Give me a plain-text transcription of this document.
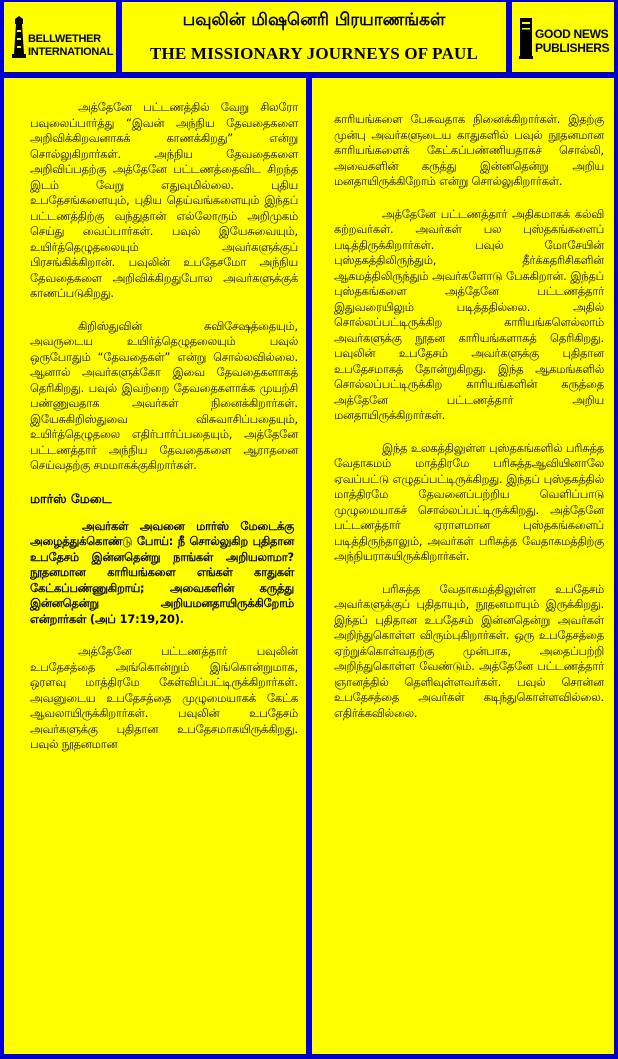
BELLWETHER
INTERNATIONAL
பவுலின் மிஷனெரி பிரயாணங்கள்
THE MISSIONARY JOURNEYS OF PAUL
GOOD NEWS
PUBLISHERS

அத்தேனே பட்டணத்தில் வேறு சிலரோ பவுலைப்பார்த்து “இவன் அந்நிய தேவதைகளை அறிவிக்கிறவனாகக் காணக்கிறது” என்று சொல்லுகிறார்கள். அந்நிய தேவதைகளை அறிவிப்பதற்கு அத்தேனே பட்டணத்தைவிட சிறந்த இடம் வேறு எதுவுமில்லை. புதிய உபதேசங்களையும், புதிய தெய்வங்களையும் இந்தப் பட்டணத்திற்கு வந்துதான் எல்லோரும் அறிமுகம் செய்து வைப்பார்கள். பவுல் இயேசுவையும், உயிர்த்தெழுதலையும் அவர்களுக்குப் பிரசங்கிக்கிறான். பவுலின் உபதேசமோ அந்நிய தேவதைகளை அறிவிக்கிறதுபோல அவர்களுக்குக் காணப்படுகிறது.

கிறிஸ்துவின் சுவிசேஷத்தையும், அவருடைய உயிர்த்தெழுதலையும் பவுல் ஒருபோதும் “தேவதைகள்” என்று சொல்லவில்லை. ஆனால் அவர்களுக்கோ இவை தேவதைகளாகத் தெரிகிறது. பவுல் இவற்றை தேவதைகளாக்க முயற்சி பண்ணுவதாக அவர்கள் நினைக்கிறார்கள். இயேசுகிறிஸ்துவை விசுவாசிப்பதையும், உயிர்த்தெழுதலை எதிர்பார்ப்பதையும், அத்தேனே பட்டணத்தார் அந்நிய தேவதைகளை ஆராதனை செய்வதற்கு சமமாகக்குகிறார்கள்.

மார்ஸ் மேடை

அவர்கள் அவனை மார்ஸ் மேடைக்கு அழைத்துக்கொண்டு போய்: நீ சொல்லுகிற புதிதான உபதேசம் இன்னதென்று நாங்கள் அறியலாமா? நூதனமான காரியங்களை எங்கள் காதுகள் கேட்கப்பண்ணுகிறாய்; அவைகளின் கருத்து இன்னதென்று அறியமனதாயிருக்கிறோம் என்றார்கள் (அப் 17:19,20).

அத்தேனே பட்டணத்தார் பவுலின் உபதேசத்தை அங்கொன்றும் இங்கொன்றுமாக, ஒரளவு மாத்திரமே கேள்விப்பட்டிருக்கிறார்கள். அவனுடைய உபதேசத்தை முழுமையாகக் கேட்க ஆவலாயிருக்கிறார்கள். பவுலின் உபதேசம் அவர்களுக்கு புதிதான உபதேசமாகயிருக்கிறது. பவுல் நூதனமான

காரியங்களை பேசுவதாக நினைக்கிறார்கள். இதற்கு முன்பு அவர்களுடைய காதுகளில் பவுல் நூதனமான காரியங்களைக் கேட்கப்பண்ணியதாகச் சொல்லி, அவைகளின் கருத்து இன்னதென்று அறிய மனதாயிருக்கிறோம் என்று சொல்லுகிறார்கள்.

அத்தேனே பட்டணத்தார் அதிகமாகக் கல்வி கற்றவர்கள். அவர்கள் பல புஸ்தகங்களைப் படித்திருக்கிறார்கள். பவுல் மோசேயின் புஸ்தகத்திலிருந்தும், தீர்க்கதரிசிகளின் ஆகமத்திலிருந்தும் அவர்களோடு பேசுகிறான். இந்தப் புஸ்தகங்களை அத்தேனே பட்டணத்தார் இதுவரையிலும் படித்ததில்லை. அதில் சொல்லப்பட்டிருக்கிற காரியங்களெல்லாம் அவர்களுக்கு நூதன காரியங்களாகத் தெரிகிறது. பவுலின் உபதேசம் அவர்களுக்கு புதிதான உபதேசமாகத் தோன்றுகிறது. இந்த ஆகமங்களில் சொல்லப்பட்டிருக்கிற காரியங்களின் கருத்தை அத்தேனே பட்டணத்தார் அறிய மனதாயிருக்கிறார்கள்.

இந்த உலகத்திலுள்ள புஸ்தகங்களில் பரிசுத்த வேதாகமம் மாத்திரமே பரிசுத்தஆவியினாலே ஏவப்பட்டு எழுதப்பட்டிருக்கிறது. இந்தப் புஸ்தகத்தில் மாத்திரமே தேவனைப்பற்றிய வெளிப்பாடு முழுமையாகச் சொல்லப்பட்டிருக்கிறது. அத்தேனே பட்டணத்தார் ஏராளமான புஸ்தகங்களைப் படித்திருந்தாலும், அவர்கள் பரிசுத்த வேதாகமத்திற்கு அந்நியராகயிருக்கிறார்கள்.

பரிசுத்த வேதாகமத்திலுள்ள உபதேசம் அவர்களுக்குப் புதிதாயும், நூதனமாயும் இருக்கிறது. இந்தப் புதிதான உபதேசம் இன்னதென்று அவர்கள் அறிந்துகொள்ள விரும்புகிறார்கள். ஒரு உபதேசத்தை ஏற்றுக்கொள்வதற்கு முன்பாக, அதைப்பற்றி அறிந்துகொள்ள வேண்டும். அத்தேனே பட்டணத்தார் ஞானத்தில் தெளிவுள்ளவர்கள். பவுல் சொன்ன உபதேசத்தை அவர்கள் கடிந்துகொள்ளவில்லை. எதிர்க்கவில்லை.
